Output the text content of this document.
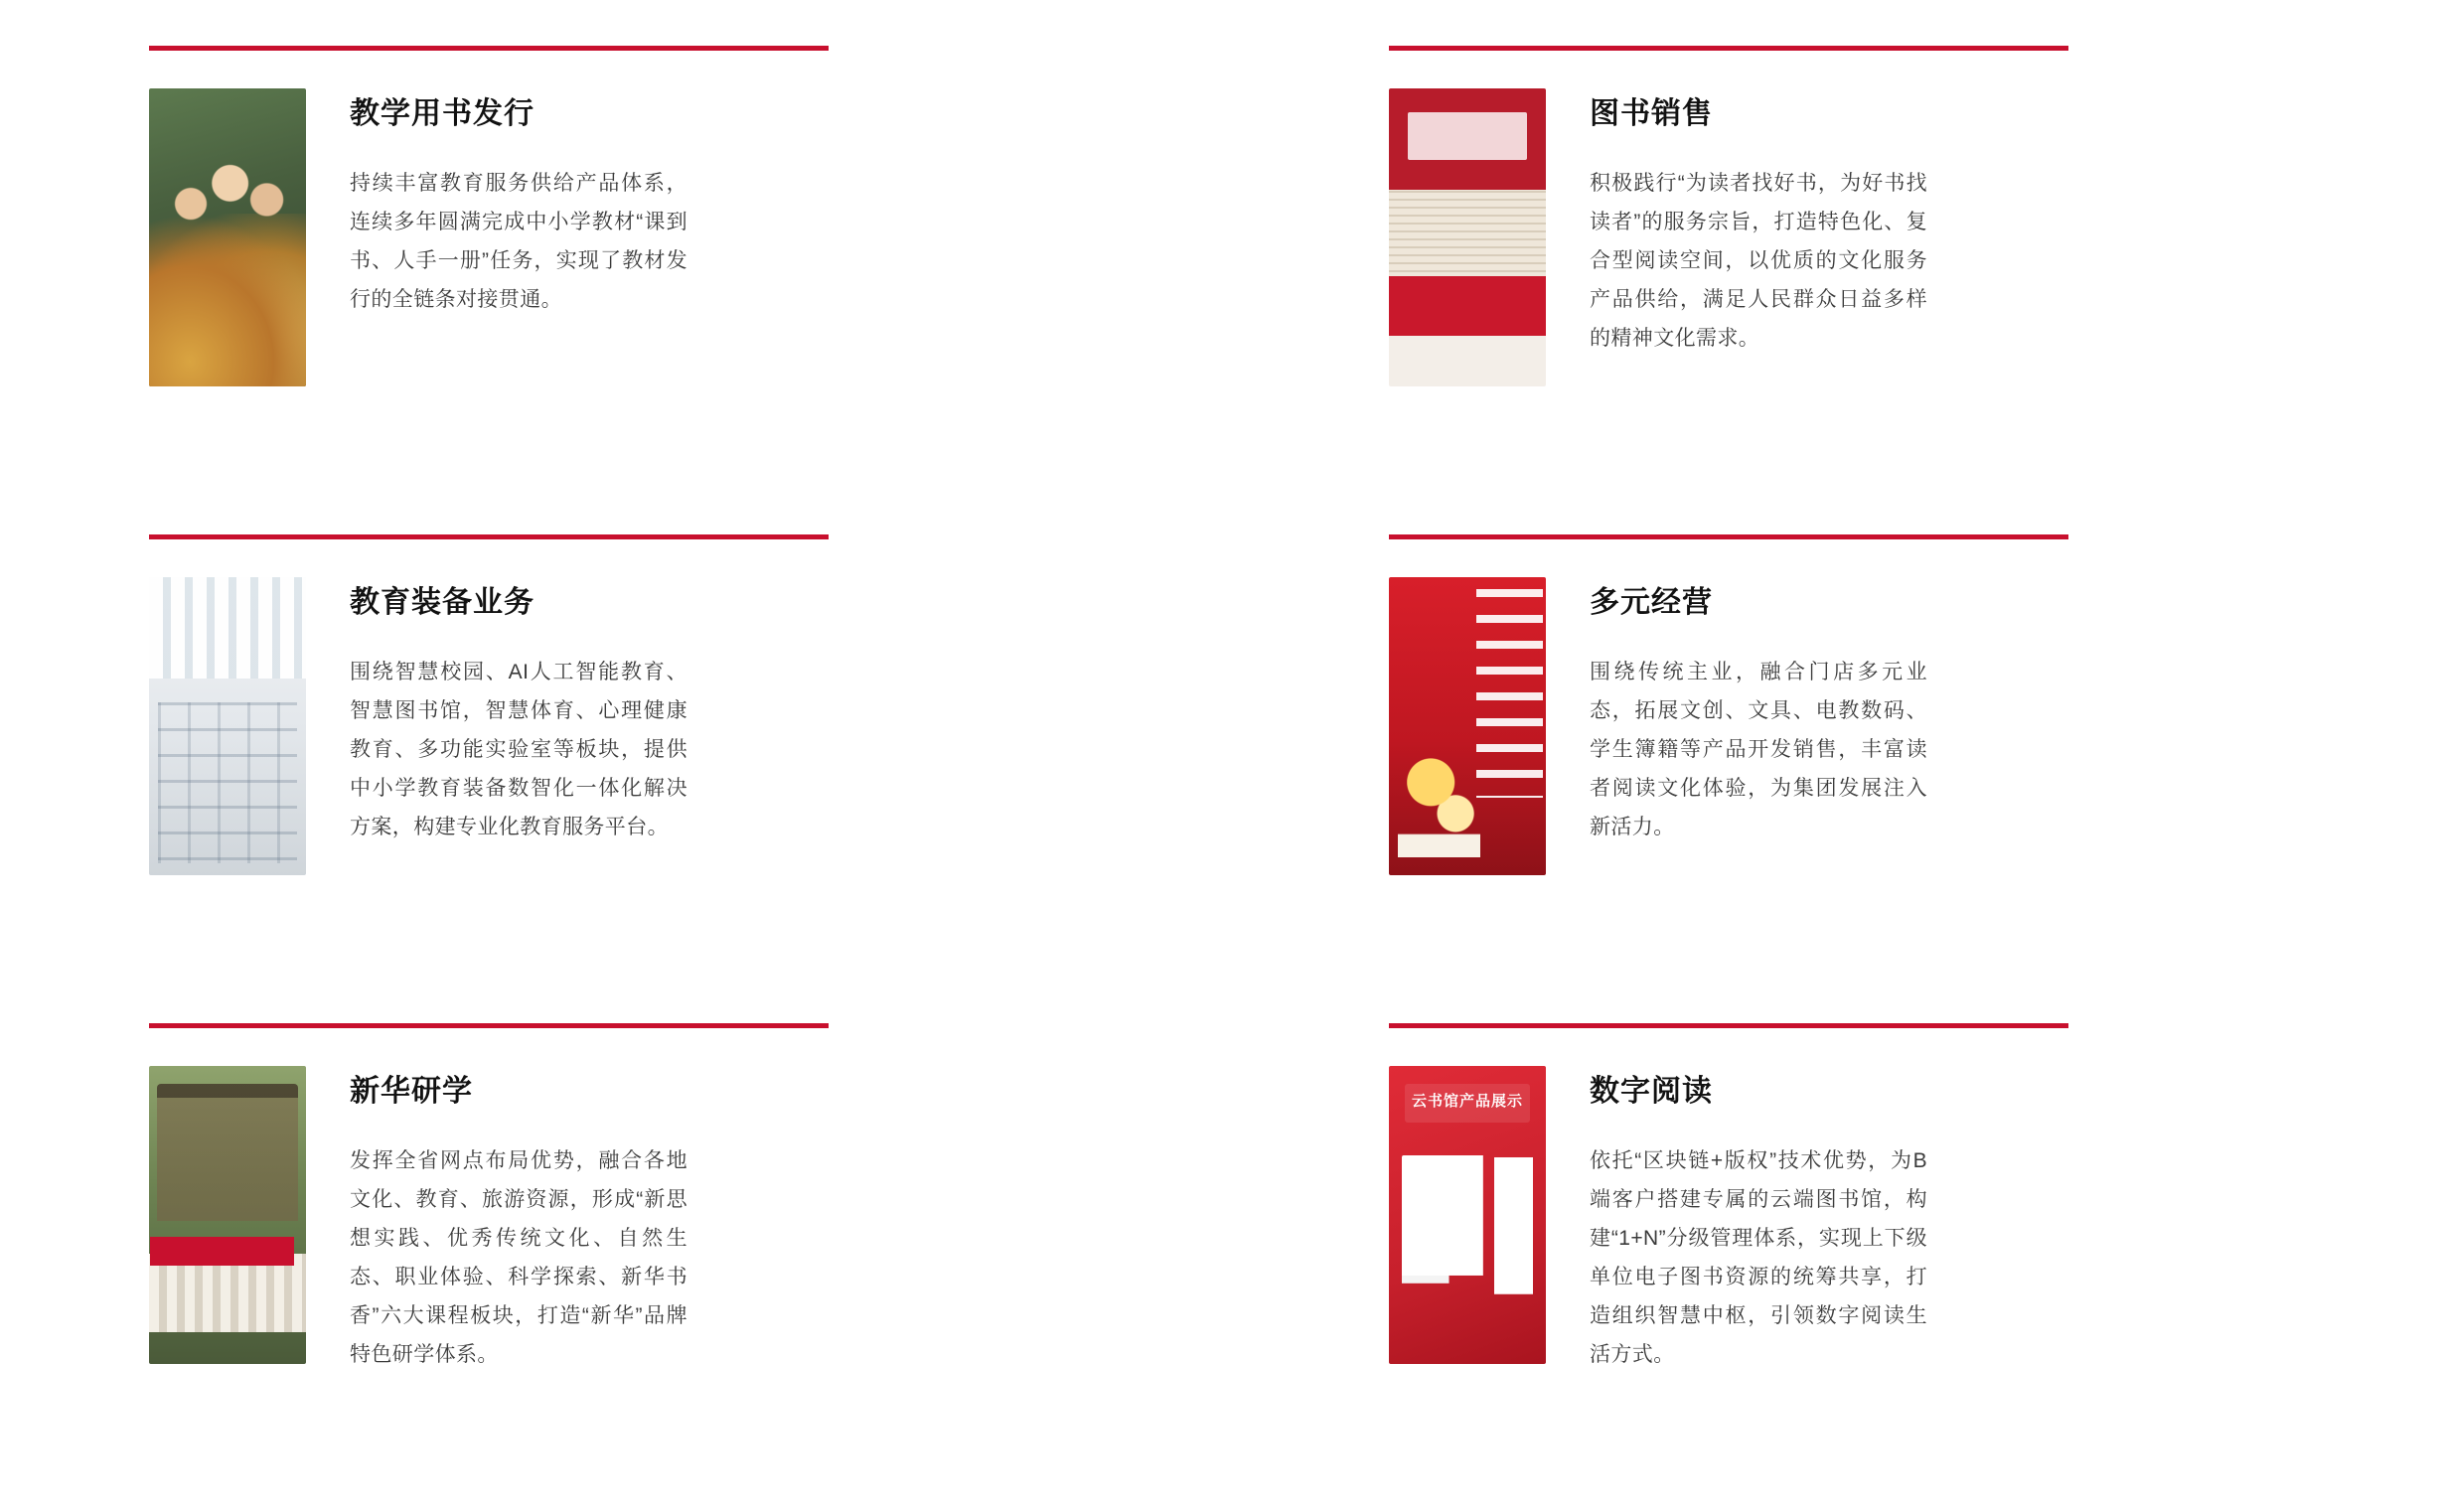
教学用书发行

持续丰富教育服务供给产品体系，连续多年圆满完成中小学教材“课到书、人手一册”任务，实现了教材发行的全链条对接贯通。

图书销售

积极践行“为读者找好书，为好书找读者”的服务宗旨，打造特色化、复合型阅读空间，以优质的文化服务产品供给，满足人民群众日益多样的精神文化需求。

教育装备业务

围绕智慧校园、AI人工智能教育、智慧图书馆，智慧体育、心理健康教育、多功能实验室等板块，提供中小学教育装备数智化一体化解决方案，构建专业化教育服务平台。

多元经营

围绕传统主业，融合门店多元业态，拓展文创、文具、电教数码、学生簿籍等产品开发销售，丰富读者阅读文化体验，为集团发展注入新活力。

新华研学

发挥全省网点布局优势，融合各地文化、教育、旅游资源，形成“新思想实践、优秀传统文化、自然生态、职业体验、科学探索、新华书香”六大课程板块，打造“新华”品牌特色研学体系。

云书馆产品展示	数字阅读

依托“区块链+版权”技术优势，为B端客户搭建专属的云端图书馆，构建“1+N”分级管理体系，实现上下级单位电子图书资源的统筹共享，打造组织智慧中枢，引领数字阅读生活方式。
